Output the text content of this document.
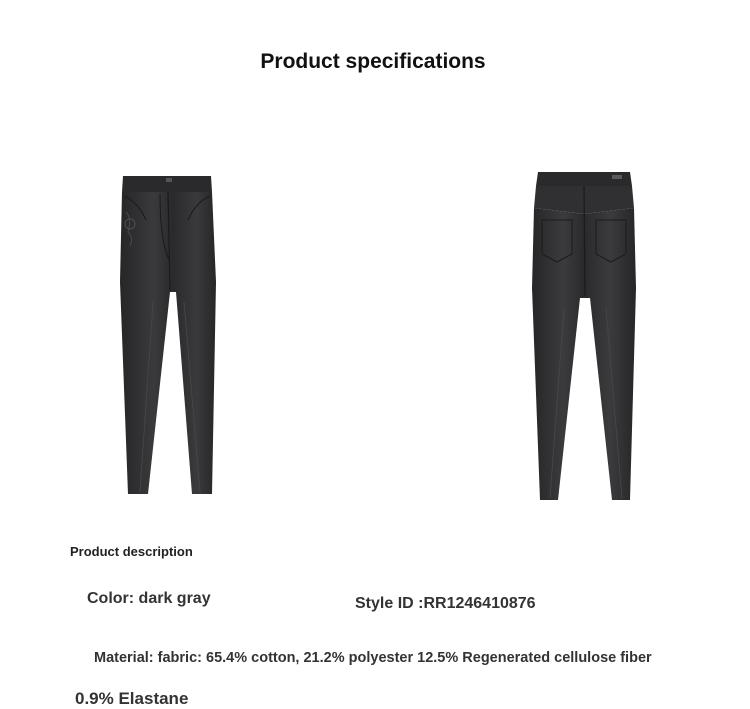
Product specifications
Product description
Color: dark gray	Style ID :RR1246410876
Material: fabric: 65.4% cotton, 21.2% polyester 12.5% Regenerated cellulose fiber
0.9% Elastane
